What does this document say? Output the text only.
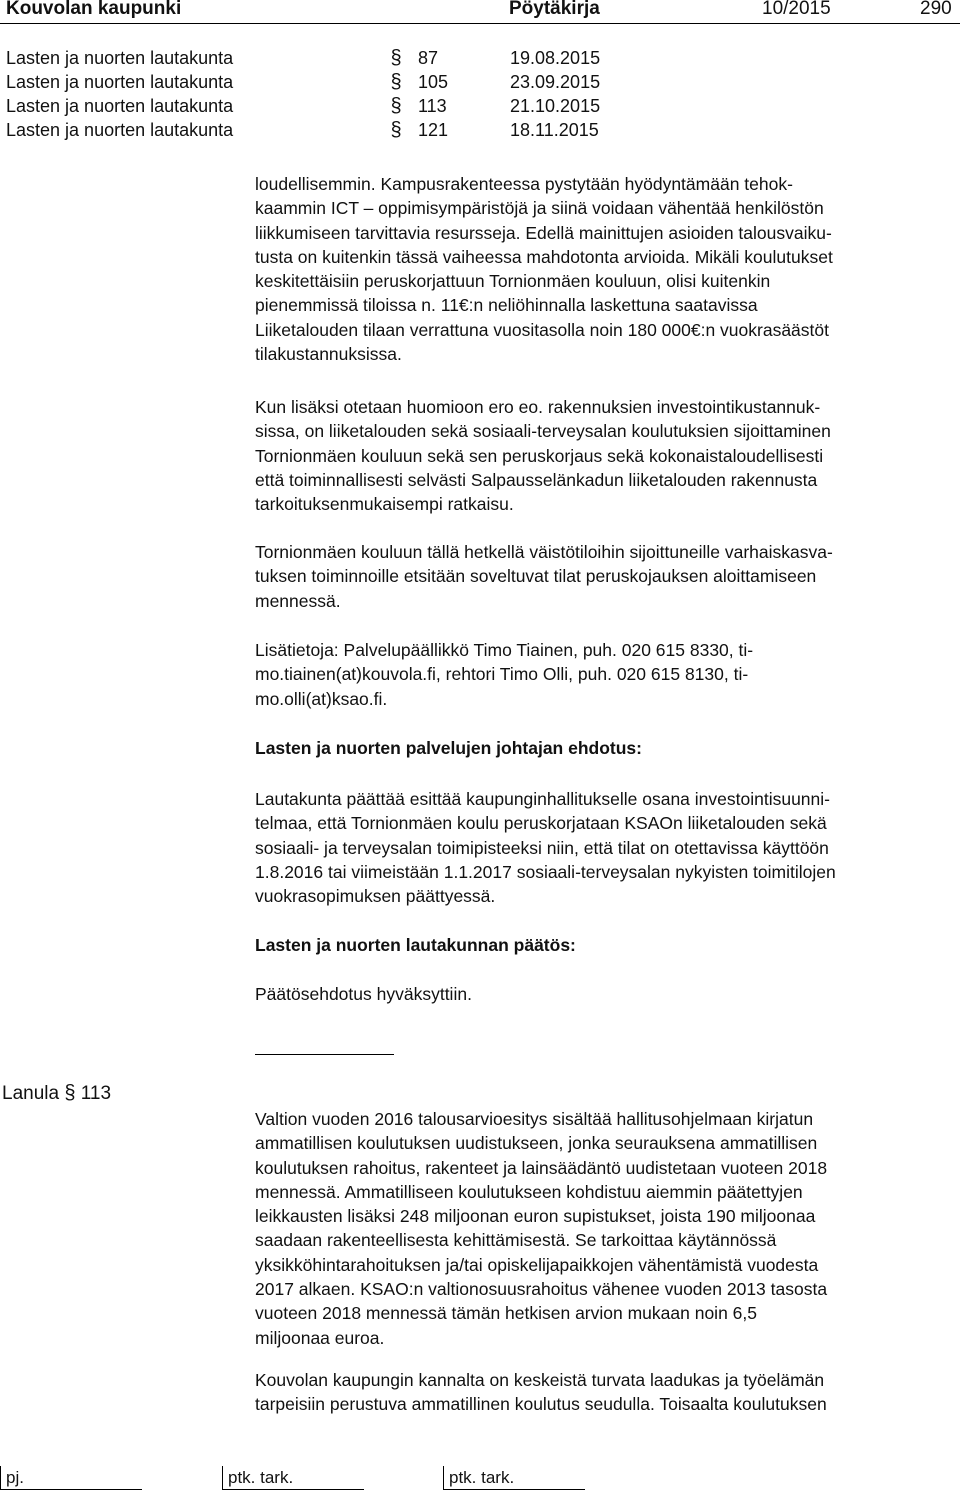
Kouvolan kaupunki	Pöytäkirja	10/2015	290
Lasten ja nuorten lautakunta	§ 87	19.08.2015
Lasten ja nuorten lautakunta	§ 105	23.09.2015
Lasten ja nuorten lautakunta	§ 113	21.10.2015
Lasten ja nuorten lautakunta	§ 121	18.11.2015

loudellisemmin. Kampusrakenteessa pystytään hyödyntämään tehok-

kaammin ICT – oppimisympäristöjä ja siinä voidaan vähentää henkilöstön

liikkumiseen tarvittavia resursseja. Edellä mainittujen asioiden talousvaiku-

tusta on kuitenkin tässä vaiheessa mahdotonta arvioida. Mikäli koulutukset

keskitettäisiin peruskorjattuun Tornionmäen kouluun, olisi kuitenkin

pienemmissä tiloissa n. 11€:n neliöhinnalla laskettuna saatavissa

Liiketalouden tilaan verrattuna vuositasolla noin 180 000€:n vuokrasäästöt

tilakustannuksissa.

Kun lisäksi otetaan huomioon ero eo. rakennuksien investointikustannuk-

sissa, on liiketalouden sekä sosiaali-terveysalan koulutuksien sijoittaminen

Tornionmäen kouluun sekä sen peruskorjaus sekä kokonaistaloudellisesti

että toiminnallisesti selvästi Salpausselänkadun liiketalouden rakennusta

tarkoituksenmukaisempi ratkaisu.

Tornionmäen kouluun tällä hetkellä väistötiloihin sijoittuneille varhaiskasva-

tuksen toiminnoille etsitään soveltuvat tilat peruskojauksen aloittamiseen

mennessä.

Lisätietoja: Palvelupäällikkö Timo Tiainen, puh. 020 615 8330, ti-

mo.tiainen(at)kouvola.fi, rehtori Timo Olli, puh. 020 615 8130, ti-

mo.olli(at)ksao.fi.

Lasten ja nuorten palvelujen johtajan ehdotus:

Lautakunta päättää esittää kaupunginhallitukselle osana investointisuunni-

telmaa, että Tornionmäen koulu peruskorjataan KSAOn liiketalouden sekä

sosiaali- ja terveysalan toimipisteeksi niin, että tilat on otettavissa käyttöön

1.8.2016 tai viimeistään 1.1.2017 sosiaali-terveysalan nykyisten toimitilojen

vuokrasopimuksen päättyessä.

Lasten ja nuorten lautakunnan päätös:
Päätösehdotus hyväksyttiin.
Lanula § 113

Valtion vuoden 2016 talousarvioesitys sisältää hallitusohjelmaan kirjatun

ammatillisen koulutuksen uudistukseen, jonka seurauksena ammatillisen

koulutuksen rahoitus, rakenteet ja lainsäädäntö uudistetaan vuoteen 2018

mennessä. Ammatilliseen koulutukseen kohdistuu aiemmin päätettyjen

leikkausten lisäksi 248 miljoonan euron supistukset, joista 190 miljoonaa

saadaan rakenteellisesta kehittämisestä. Se tarkoittaa käytännössä

yksikköhintarahoituksen ja/tai opiskelijapaikkojen vähentämistä vuodesta

2017 alkaen. KSAO:n valtionosuusrahoitus vähenee vuoden 2013 tasosta

vuoteen 2018 mennessä tämän hetkisen arvion mukaan noin 6,5

miljoonaa euroa.

Kouvolan kaupungin kannalta on keskeistä turvata laadukas ja työelämän

tarpeisiin perustuva ammatillinen koulutus seudulla. Toisaalta koulutuksen

pj.	ptk. tark.	ptk. tark.
